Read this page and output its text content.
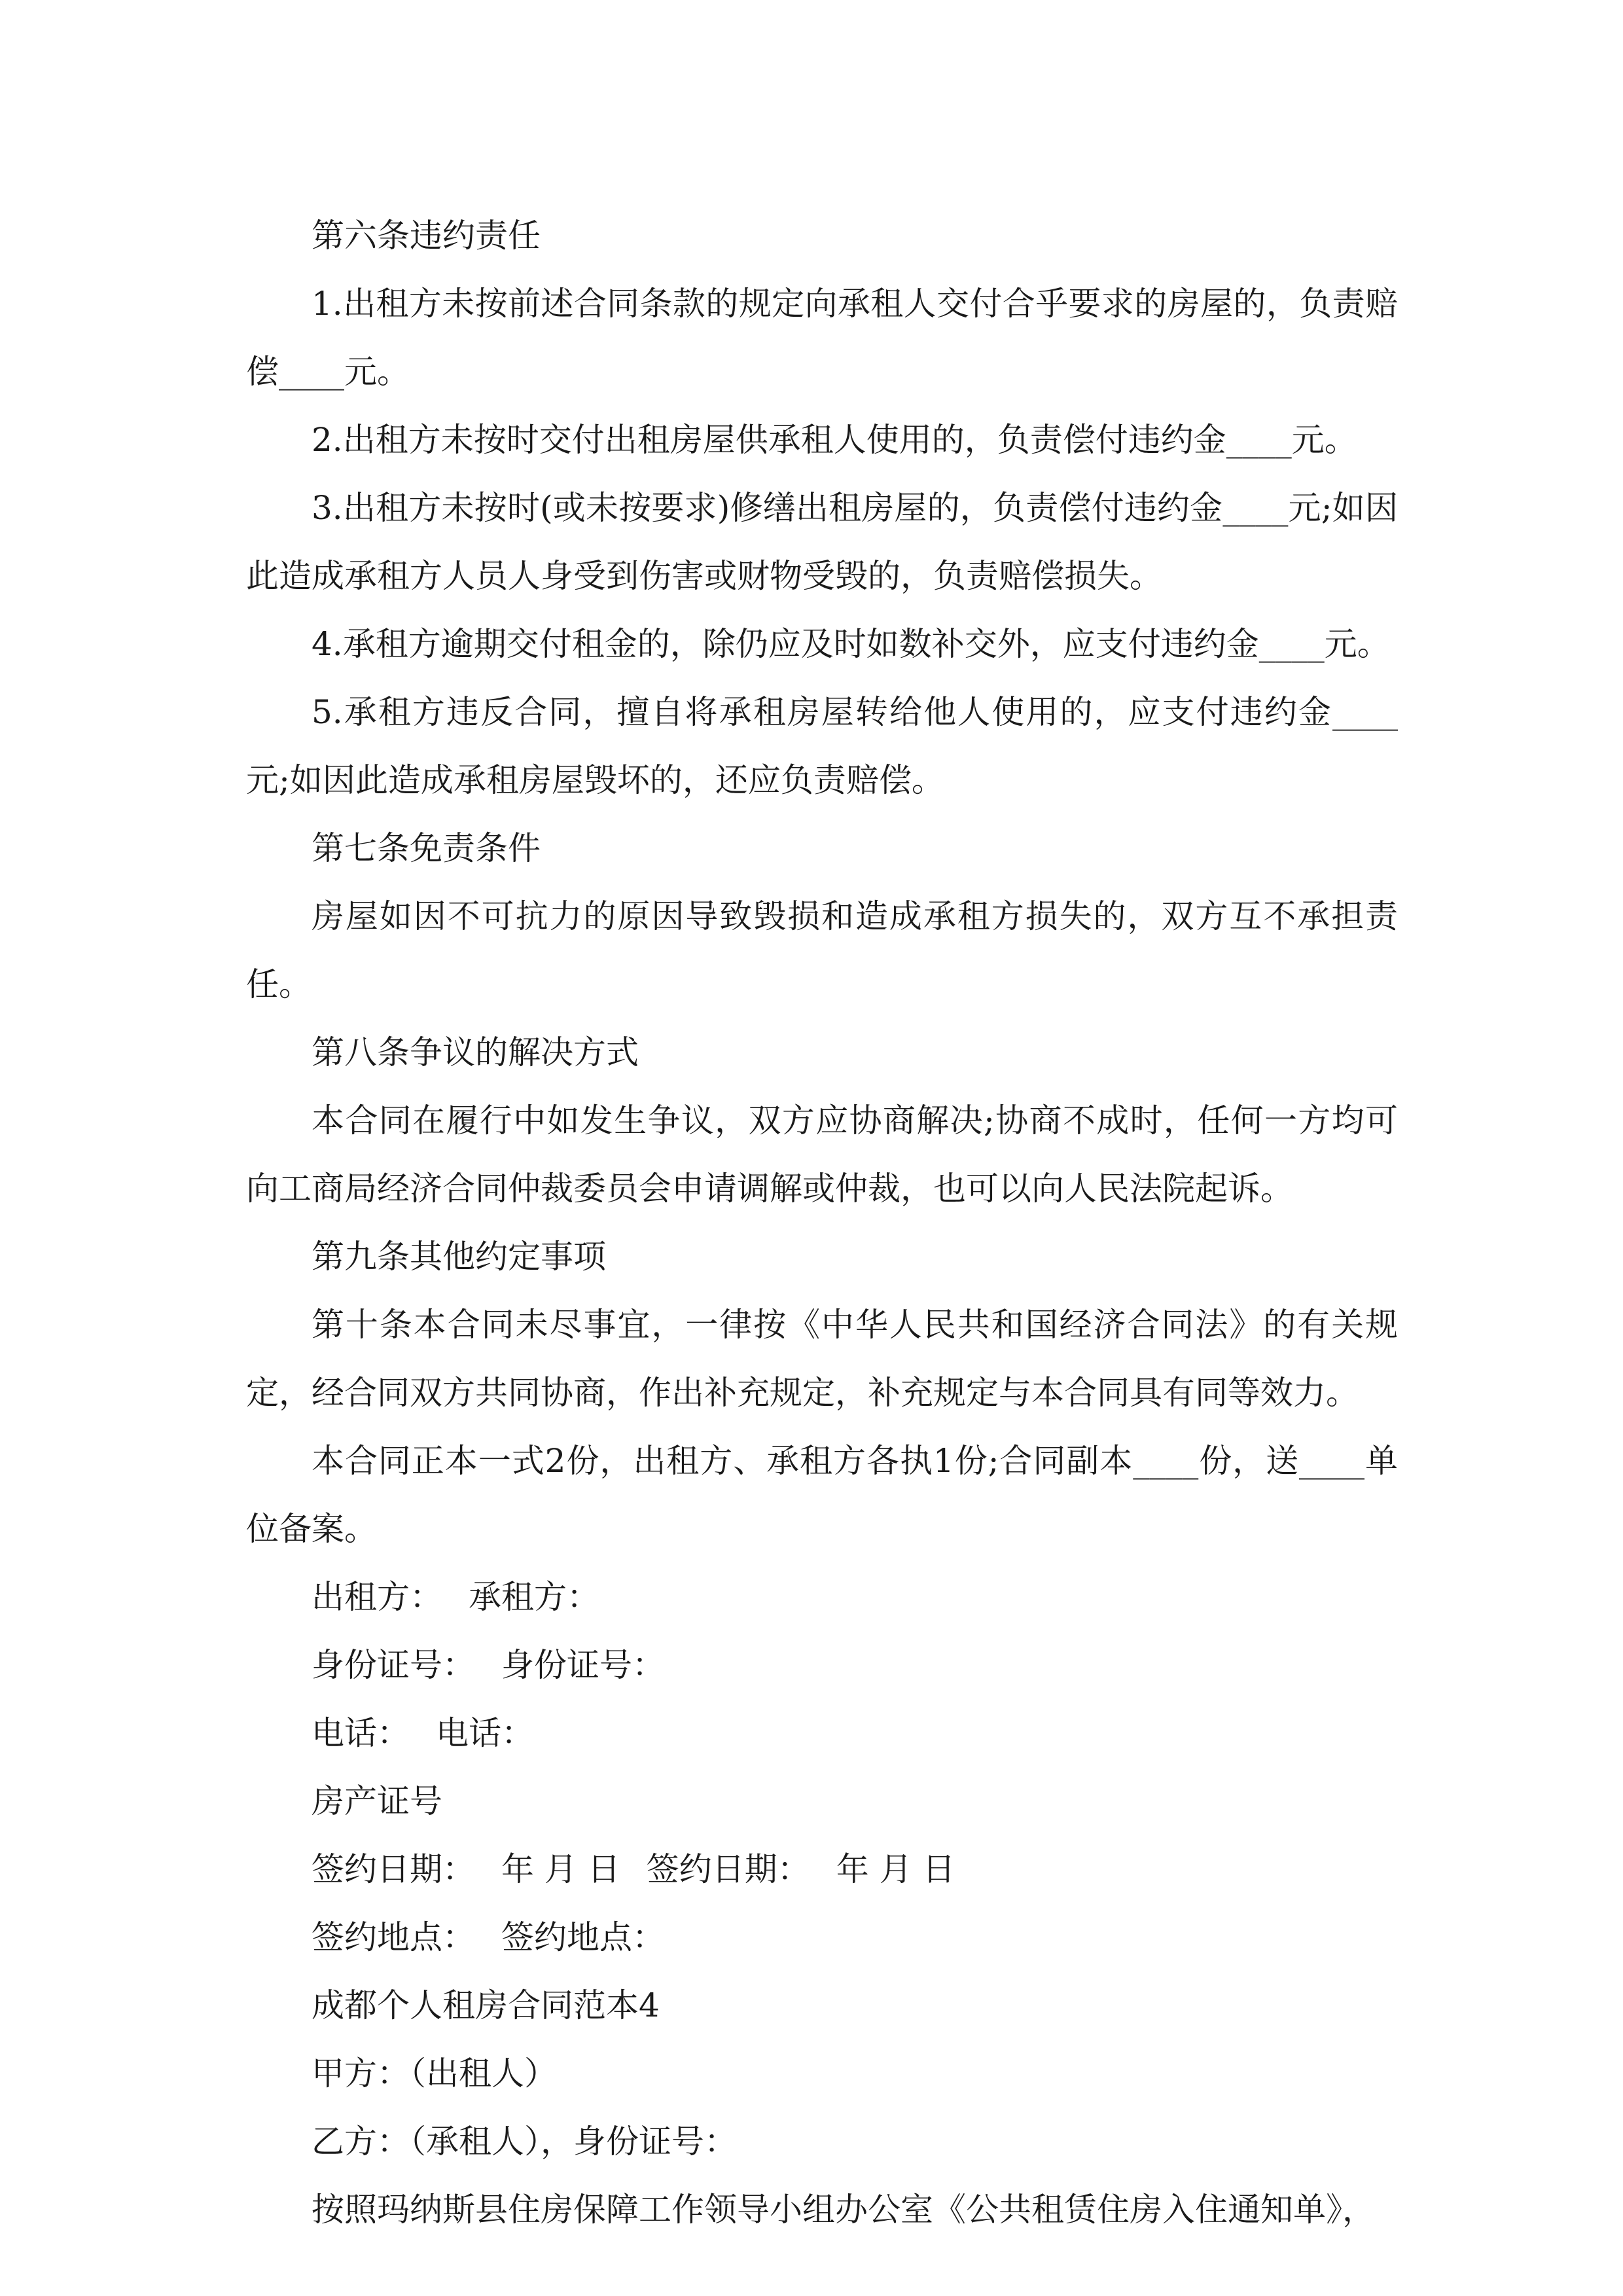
第六条违约责任

1.出租方未按前述合同条款的规定向承租人交付合乎要求的房屋的，负责赔偿____元。

2.出租方未按时交付出租房屋供承租人使用的，负责偿付违约金____元。

3.出租方未按时(或未按要求)修缮出租房屋的，负责偿付违约金____元;如因此造成承租方人员人身受到伤害或财物受毁的，负责赔偿损失。

4.承租方逾期交付租金的，除仍应及时如数补交外，应支付违约金____元。

5.承租方违反合同，擅自将承租房屋转给他人使用的，应支付违约金____元;如因此造成承租房屋毁坏的，还应负责赔偿。

第七条免责条件

房屋如因不可抗力的原因导致毁损和造成承租方损失的，双方互不承担责任。

第八条争议的解决方式

本合同在履行中如发生争议，双方应协商解决;协商不成时，任何一方均可向工商局经济合同仲裁委员会申请调解或仲裁，也可以向人民法院起诉。

第九条其他约定事项

第十条本合同未尽事宜，一律按《中华人民共和国经济合同法》的有关规定，经合同双方共同协商，作出补充规定，补充规定与本合同具有同等效力。

本合同正本一式2份，出租方、承租方各执1份;合同副本____份，送____单位备案。

出租方： 承租方：

身份证号： 身份证号：

电话： 电话：

房产证号

签约日期： 年 月 日 签约日期： 年 月 日

签约地点： 签约地点：

成都个人租房合同范本4

甲方：（出租人）

乙方：（承租人），身份证号：

按照玛纳斯县住房保障工作领导小组办公室《公共租赁住房入住通知单》，
